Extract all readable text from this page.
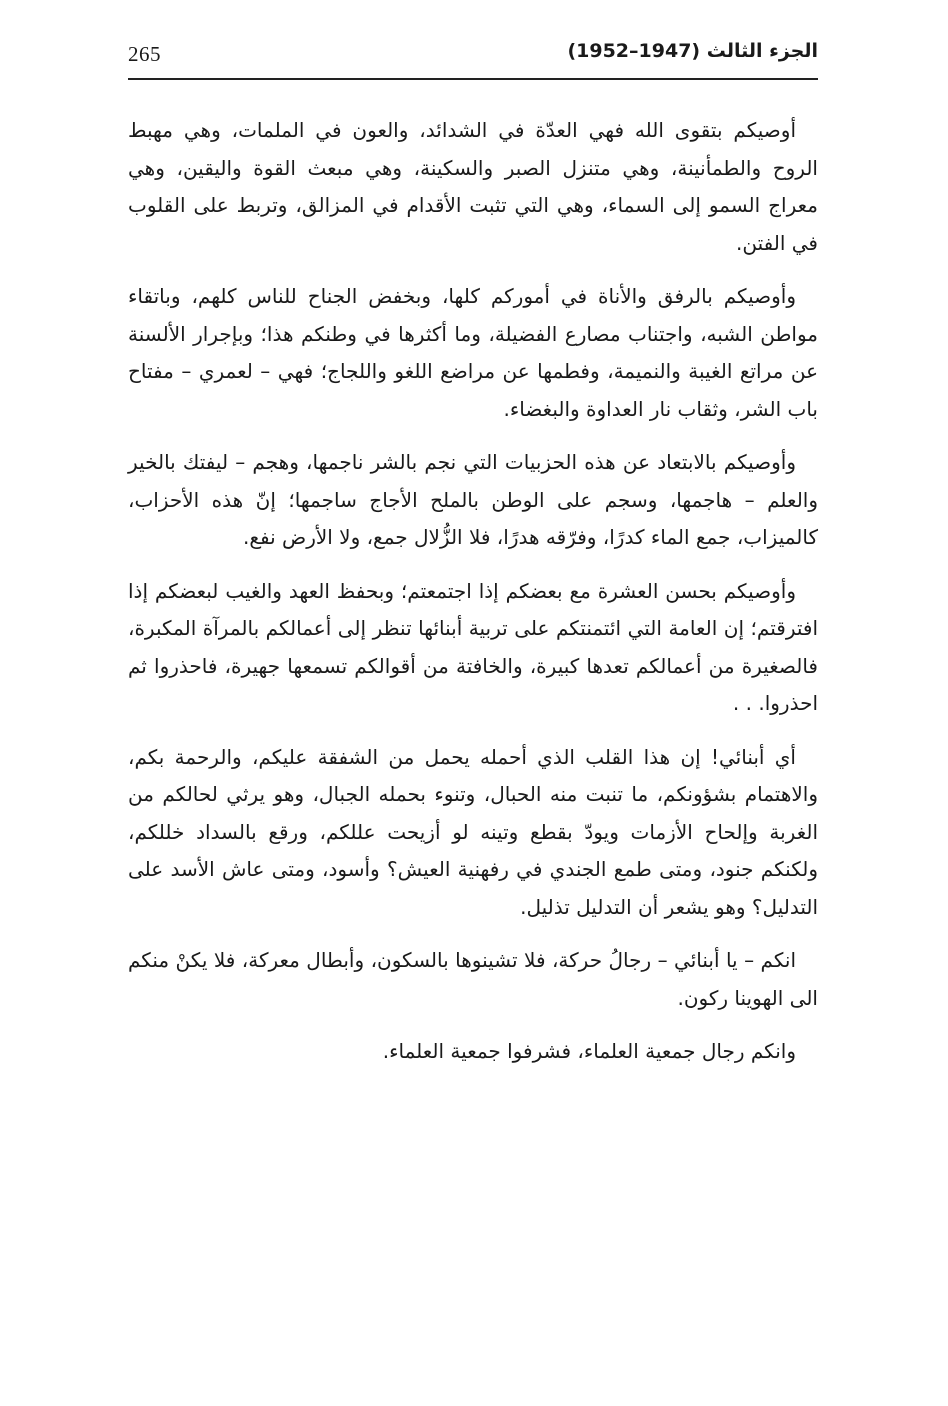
265	الجزء الثالث (1947–1952)

أوصيكم بتقوى الله فهي العدّة في الشدائد، والعون في الملمات، وهي مهبط الروح والطمأنينة، وهي متنزل الصبر والسكينة، وهي مبعث القوة واليقين، وهي معراج السمو إلى السماء، وهي التي تثبت الأقدام في المزالق، وتربط على القلوب في الفتن.

وأوصيكم بالرفق والأناة في أموركم كلها، وبخفض الجناح للناس كلهم، وباتقاء مواطن الشبه، واجتناب مصارع الفضيلة، وما أكثرها في وطنكم هذا؛ وبإجرار الألسنة عن مراتع الغيبة والنميمة، وفطمها عن مراضع اللغو واللجاج؛ فهي – لعمري – مفتاح باب الشر، وثقاب نار العداوة والبغضاء.

وأوصيكم بالابتعاد عن هذه الحزبيات التي نجم بالشر ناجمها، وهجم – ليفتك بالخير والعلم – هاجمها، وسجم على الوطن بالملح الأجاج ساجمها؛ إنّ هذه الأحزاب، كالميزاب، جمع الماء كدرًا، وفرّقه هدرًا، فلا الزُّلال جمع، ولا الأرض نفع.

وأوصيكم بحسن العشرة مع بعضكم إذا اجتمعتم؛ وبحفظ العهد والغيب لبعضكم إذا افترقتم؛ إن العامة التي ائتمنتكم على تربية أبنائها تنظر إلى أعمالكم بالمرآة المكبرة، فالصغيرة من أعمالكم تعدها كبيرة، والخافتة من أقوالكم تسمعها جهيرة، فاحذروا ثم احذروا. . .

أي أبنائي! إن هذا القلب الذي أحمله يحمل من الشفقة عليكم، والرحمة بكم، والاهتمام بشؤونكم، ما تنبت منه الحبال، وتنوء بحمله الجبال، وهو يرثي لحالكم من الغربة وإلحاح الأزمات ويودّ بقطع وتينه لو أزيحت عللكم، ورقع بالسداد خللكم، ولكنكم جنود، ومتى طمع الجندي في رفهنية العيش؟ وأسود، ومتى عاش الأسد على التدليل؟ وهو يشعر أن التدليل تذليل.

انكم – يا أبنائي – رجالُ حركة، فلا تشينوها بالسكون، وأبطال معركة، فلا يكنْ منكم الى الهوينا ركون.

وانكم رجال جمعية العلماء، فشرفوا جمعية العلماء.
